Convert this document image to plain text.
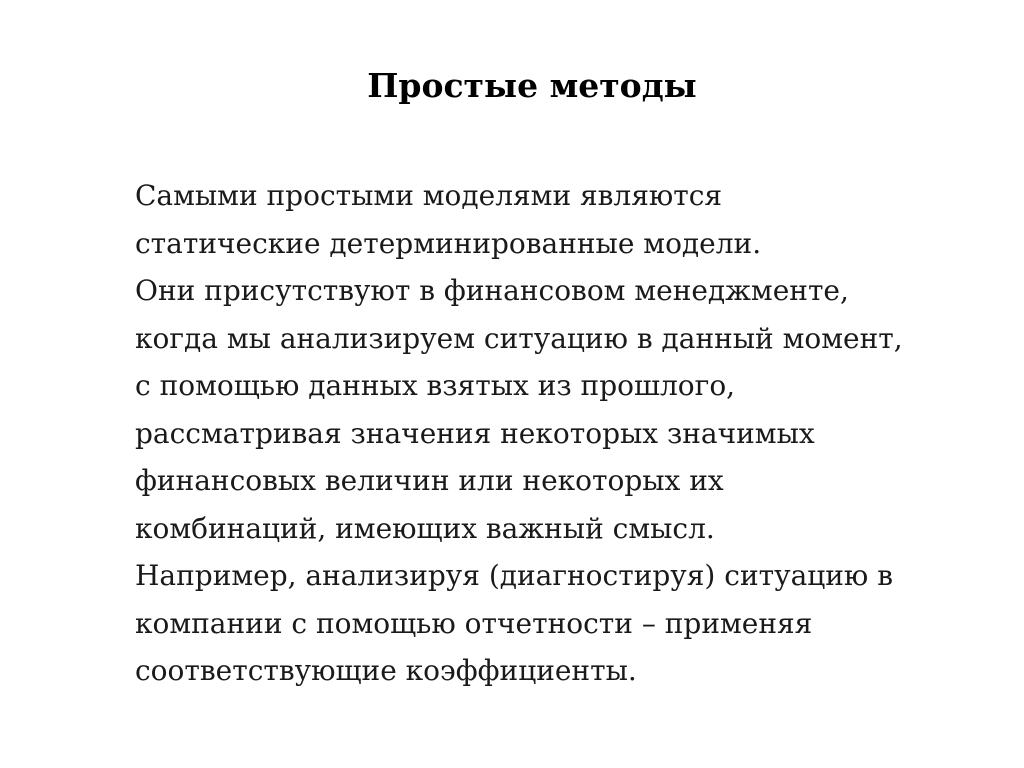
Простые методы
Самыми простыми моделями являются
статические детерминированные модели.
Они присутствуют в финансовом менеджменте,
когда мы анализируем ситуацию в данный момент,
с помощью данных взятых из прошлого,
рассматривая значения некоторых значимых
финансовых величин или некоторых их
комбинаций, имеющих важный смысл.
Например, анализируя (диагностируя) ситуацию в
компании с помощью отчетности – применяя
соответствующие коэффициенты.
